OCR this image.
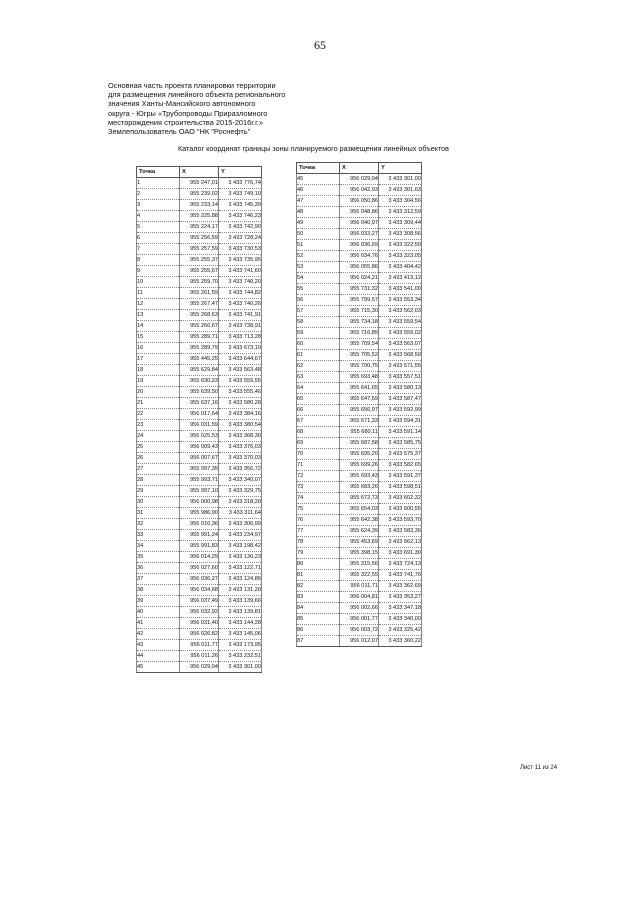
65
Основная часть проекта планировки территории
для размещения линейного объекта регионального
значения Ханты-Мансийского автономного
округа - Югры «Трубопроводы Приразломного
месторождения строительства 2015-2016г.г.»
Землепользователь ОАО "НК "Роснефть"
Каталог координат границы зоны планируемого размещения линейных объектов
Точка	X	Y
1	955 247,01	3 433 776,74
2	955 239,02	3 433 749,10
3	955 233,14	3 433 745,39
4	955 225,88	3 433 746,23
5	955 224,17	3 433 742,90
6	955 256,59	3 433 728,24
7	955 257,59	3 433 730,53
8	955 255,37	3 433 735,95
9	955 255,67	3 433 741,60
10	955 259,70	3 433 740,20
11	955 261,59	3 433 744,82
12	955 267,47	3 433 740,26
13	955 268,63	3 433 741,91
14	955 266,67	3 433 738,91
15	955 289,71	3 433 713,28
16	955 289,79	3 433 673,10
17	955 445,25	3 433 644,67
18	955 629,84	3 433 563,48
19	955 630,23	3 433 559,55
20	955 639,50	3 433 555,46
21	955 637,16	3 433 580,28
22	956 017,64	3 433 384,16
23	956 031,59	3 433 380,54
24	956 025,53	3 433 368,30
25	956 009,43	3 433 376,03
26	956 007,67	3 433 370,03
27	955 997,35	3 433 356,72
28	955 993,71	3 433 340,07
29	955 997,10	3 433 329,75
30	956 000,98	3 433 318,20
31	955 986,90	3 433 311,64
32	956 010,36	3 433 306,99
33	955 991,24	3 433 234,97
34	955 991,83	3 433 198,42
35	956 014,29	3 433 130,23
36	956 027,60	3 433 122,71
37	956 036,27	3 433 124,86
38	956 034,68	3 433 131,20
39	956 037,49	3 433 139,66
40	956 032,92	3 433 139,81
41	956 031,40	3 433 144,28
42	956 026,82	3 433 145,06
43	956 011,77	3 433 173,95
44	956 011,26	3 433 232,51
45	956 029,04	3 433 301,00
Точка	X	Y
45	956 029,04	3 433 301,00
46	956 042,93	3 433 301,63
47	956 050,86	3 433 304,56
48	956 048,86	3 433 312,59
49	956 040,97	3 433 309,44
50	956 033,27	3 433 308,56
51	956 036,69	3 433 322,50
52	956 034,76	3 433 323,05
53	956 055,86	3 433 404,42
54	956 024,21	3 433 413,12
55	955 731,32	3 433 541,00
56	955 799,57	3 433 553,34
57	955 715,30	3 433 562,03
58	955 734,18	3 433 559,54
59	955 716,85	3 433 559,02
60	955 709,54	3 433 563,07
61	955 705,52	3 433 568,50
62	955 700,75	3 433 571,55
63	955 693,48	3 433 557,51
64	955 641,65	3 433 580,13
65	955 647,59	3 433 587,47
66	955 656,97	3 433 592,99
67	955 671,33	3 433 594,31
68	955 680,11	3 433 591,14
69	955 687,58	3 433 585,75
70	955 695,20	3 433 575,37
71	955 699,26	3 433 582,65
72	955 693,43	3 433 591,37
73	955 683,26	3 433 598,51
74	955 672,73	3 433 602,32
75	955 654,03	3 433 600,55
76	955 642,38	3 433 593,70
77	955 624,39	3 433 583,36
78	955 453,69	3 433 662,13
79	955 398,15	3 433 691,30
80	955 315,56	3 433 724,13
81	955 322,55	3 433 741,76
82	956 011,71	3 433 362,69
83	956 004,81	3 433 353,27
84	956 002,66	3 433 347,18
85	956 001,77	3 433 340,00
86	956 003,72	3 433 325,42
87	956 012,07	3 433 360,22
Лист 11 из 24
